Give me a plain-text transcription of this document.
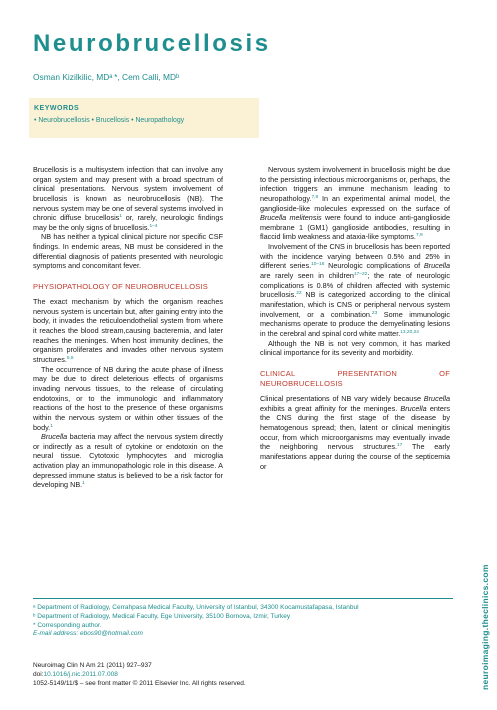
Neurobrucellosis
Osman Kizilkilic, MDᵃ *, Cem Calli, MDᵇ
KEYWORDS
• Neurobrucellosis • Brucellosis • Neuropathology

Brucellosis is a multisystem infection that can involve any organ system and may present with a broad spectrum of clinical presentations. Nervous system involvement of brucellosis is known as neurobrucellosis (NB). The nervous system may be one of several systems involved in chronic diffuse brucellosis$^1$ or, rarely, neurologic findings may be the only signs of brucellosis.$^{1-4}$

NB has neither a typical clinical picture nor specific CSF findings. In endemic areas, NB must be considered in the differential diagnosis of patients presented with neurologic symptoms and concomitant fever.

PHYSIOPATHOLOGY OF NEUROBRUCELLOSIS

The exact mechanism by which the organism reaches nervous system is uncertain but, after gaining entry into the body, it invades the reticuloendothelial system from where it reaches the blood stream,causing bacteremia, and later reaches the meninges. When host immunity declines, the organism proliferates and invades other nervous system structures.$^{5,6}$

The occurrence of NB during the acute phase of illness may be due to direct deleterious effects of organisms invading nervous tissues, to the release of circulating endotoxins, or to the immunologic and inflammatory reactions of the host to the presence of these organisms within the nervous system or within other tissues of the body.$^1$

Brucella bacteria may affect the nervous system directly or indirectly as a result of cytokine or endotoxin on the neural tissue. Cytotoxic lymphocytes and microglia activation play an immunopathologic role in this disease. A depressed immune status is believed to be a risk factor for developing NB.$^1$

Nervous system involvement in brucellosis might be due to the persisting infectious microorganisms or, perhaps, the infection triggers an immune mechanism leading to neuropathology.$^{7,8}$ In an experimental animal model, the ganglioside-like molecules expressed on the surface of Brucella melitensis were found to induce anti-ganglioside membrane 1 (GM1) ganglioside antibodies, resulting in flaccid limb weakness and ataxia-like symptoms.$^{7,9}$

Involvement of the CNS in brucellosis has been reported with the incidence varying between 0.5% and 25% in different series.$^{10-16}$ Neurologic complications of Brucella are rarely seen in children$^{17-22}$; the rate of neurologic complications is 0.8% of children affected with systemic brucellosis.$^{22}$ NB is categorized according to the clinical manifestation, which is CNS or peripheral nervous system involvement, or a combination.$^{23}$ Some immunologic mechanisms operate to produce the demyelinating lesions in the cerebral and spinal cord white matter.$^{13,20,24}$

Although the NB is not very common, it has marked clinical importance for its severity and morbidity.

CLINICAL PRESENTATION OF NEUROBRUCELLOSIS

Clinical presentations of NB vary widely because Brucella exhibits a great affinity for the meninges. Brucella enters the CNS during the first stage of the disease by hematogenous spread; then, latent or clinical meningitis occur, from which microorganisms may eventually invade the neighboring nervous structures.$^{17}$ The early manifestations appear during the course of the septicemia or

ᵃ Department of Radiology, Cerrahpasa Medical Faculty, University of Istanbul, 34300 Kocamustafapasa, Istanbul
ᵇ Department of Radiology, Medical Faculty, Ege University, 35100 Bornova, Izmir, Turkey
* Corresponding author.
E-mail address: ebos90@hotmail.com
Neuroimag Clin N Am 21 (2011) 927–937
doi:10.1016/j.nic.2011.07.008
1052-5149/11/$ – see front matter © 2011 Elsevier Inc. All rights reserved.	neuroimaging.theclinics.com
